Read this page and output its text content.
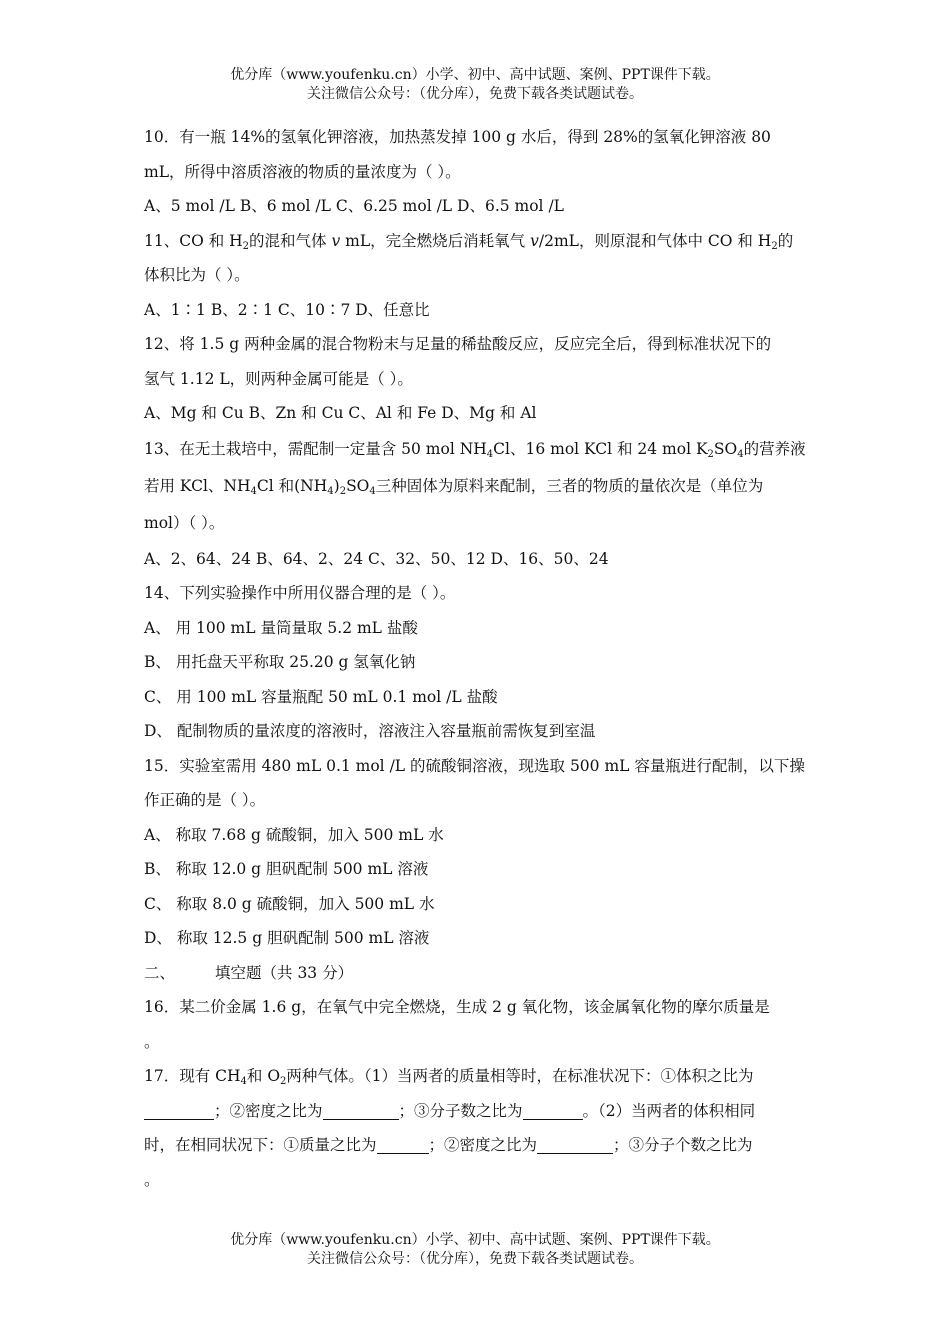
优分库（www.youfenku.cn）小学、初中、高中试题、案例、PPT课件下载。
关注微信公众号：（优分库），免费下载各类试题试卷。
10．有一瓶 14%的氢氧化钾溶液，加热蒸发掉 100 g 水后，得到 28%的氢氧化钾溶液 80
mL，所得中溶质溶液的物质的量浓度为（ ）。
A、5 mol /L B、6 mol /L C、6.25 mol /L D、6.5 mol /L
11、CO 和 $H_2$的混和气体 v mL，完全燃烧后消耗氧气 v/2mL，则原混和气体中 CO 和 $H_2$的
体积比为（ ）。
A、1∶1 B、2∶1 C、10∶7 D、任意比
12、将 1.5 g 两种金属的混合物粉末与足量的稀盐酸反应，反应完全后，得到标准状况下的
氢气 1.12 L，则两种金属可能是（ ）。
A、Mg 和 Cu B、Zn 和 Cu C、Al 和 Fe D、Mg 和 Al
13、在无土栽培中，需配制一定量含 50 mol $NH_4Cl$、16 mol KCl 和 24 mol $K_2SO_4$的营养液
若用 KCl、$NH_4Cl$ 和$(NH_4)_2SO_4$三种固体为原料来配制，三者的物质的量依次是（单位为
mol）（ ）。
A、2、64、24 B、64、2、24 C、32、50、12 D、16、50、24
14、下列实验操作中所用仪器合理的是（ ）。
A、 用 100 mL 量筒量取 5.2 mL 盐酸
B、 用托盘天平称取 25.20 g 氢氧化钠
C、 用 100 mL 容量瓶配 50 mL 0.1 mol /L 盐酸
D、 配制物质的量浓度的溶液时，溶液注入容量瓶前需恢复到室温
15．实验室需用 480 mL 0.1 mol /L 的硫酸铜溶液，现选取 500 mL 容量瓶进行配制，以下操
作正确的是（ ）。
A、 称取 7.68 g 硫酸铜，加入 500 mL 水
B、 称取 12.0 g 胆矾配制 500 mL 溶液
C、 称取 8.0 g 硫酸铜，加入 500 mL 水
D、 称取 12.5 g 胆矾配制 500 mL 溶液
二、	填空题（共 33 分）
16．某二价金属 1.6 g，在氧气中完全燃烧，生成 2 g 氧化物，该金属氧化物的摩尔质量是
。
17．现有 $CH_4$和 $O_2$两种气体。（1）当两者的质量相等时，在标准状况下：①体积之比为
；②密度之比为	；③分子数之比为	。（2）当两者的体积相同
时，在相同状况下：①质量之比为	；②密度之比为	；③分子个数之比为
。
优分库（www.youfenku.cn）小学、初中、高中试题、案例、PPT课件下载。
关注微信公众号：（优分库），免费下载各类试题试卷。
